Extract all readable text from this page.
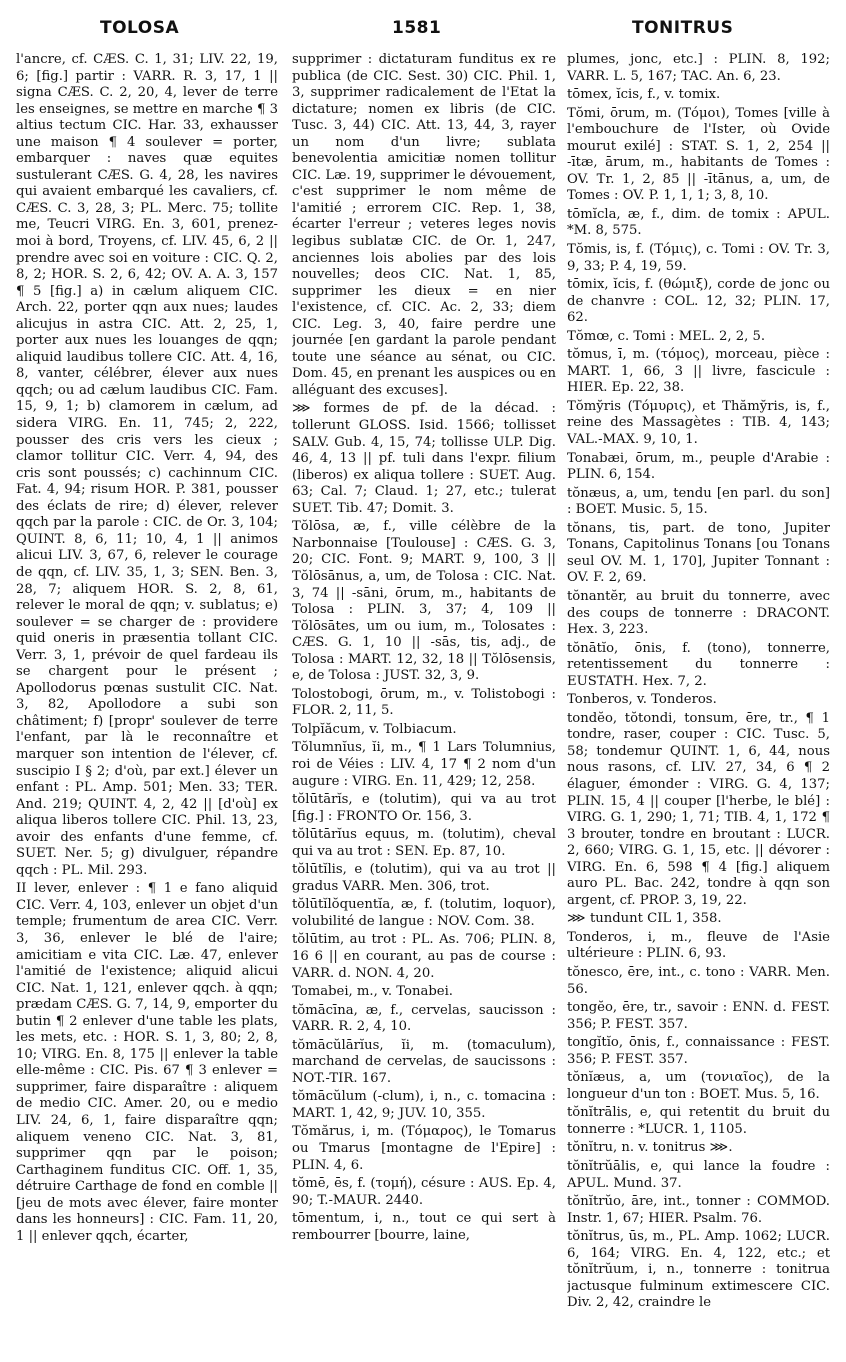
TOLOSA	1581	TONITRUS

l'ancre, cf. CÆS. C. 1, 31; LIV. 22, 19, 6; [fig.] partir : VARR. R. 3, 17, 1 || signa CÆS. C. 2, 20, 4, lever de terre les enseignes, se mettre en marche ¶ 3 altius tectum CIC. Har. 33, exhausser une maison ¶ 4 soulever = porter, embarquer : naves quæ equites sustulerant CÆS. G. 4, 28, les navires qui avaient embarqué les cavaliers, cf. CÆS. C. 3, 28, 3; PL. Merc. 75; tollite me, Teucri VIRG. En. 3, 601, prenez-moi à bord, Troyens, cf. LIV. 45, 6, 2 || prendre avec soi en voiture : CIC. Q. 2, 8, 2; HOR. S. 2, 6, 42; OV. A. A. 3, 157 ¶ 5 [fig.] a) in cælum aliquem CIC. Arch. 22, porter qqn aux nues; laudes alicujus in astra CIC. Att. 2, 25, 1, porter aux nues les louanges de qqn; aliquid laudibus tollere CIC. Att. 4, 16, 8, vanter, célébrer, élever aux nues qqch; ou ad cælum laudibus CIC. Fam. 15, 9, 1; b) clamorem in cælum, ad sidera VIRG. En. 11, 745; 2, 222, pousser des cris vers les cieux ; clamor tollitur CIC. Verr. 4, 94, des cris sont poussés; c) cachinnum CIC. Fat. 4, 94; risum HOR. P. 381, pousser des éclats de rire; d) élever, relever qqch par la parole : CIC. de Or. 3, 104; QUINT. 8, 6, 11; 10, 4, 1 || animos alicui LIV. 3, 67, 6, relever le courage de qqn, cf. LIV. 35, 1, 3; SEN. Ben. 3, 28, 7; aliquem HOR. S. 2, 8, 61, relever le moral de qqn; v. sublatus; e) soulever = se charger de : providere quid oneris in præsentia tollant CIC. Verr. 3, 1, prévoir de quel fardeau ils se chargent pour le présent ; Apollodorus pœnas sustulit CIC. Nat. 3, 82, Apollodore a subi son châtiment; f) [propr' soulever de terre l'enfant, par là le reconnaître et marquer son intention de l'élever, cf. suscipio I § 2; d'où, par ext.] élever un enfant : PL. Amp. 501; Men. 33; TER. And. 219; QUINT. 4, 2, 42 || [d'où] ex aliqua liberos tollere CIC. Phil. 13, 23, avoir des enfants d'une femme, cf. SUET. Ner. 5; g) divulguer, répandre qqch : PL. Mil. 293.

II lever, enlever : ¶ 1 e fano aliquid CIC. Verr. 4, 103, enlever un objet d'un temple; frumentum de area CIC. Verr. 3, 36, enlever le blé de l'aire; amicitiam e vita CIC. Læ. 47, enlever l'amitié de l'existence; aliquid alicui CIC. Nat. 1, 121, enlever qqch. à qqn; prædam CÆS. G. 7, 14, 9, emporter du butin ¶ 2 enlever d'une table les plats, les mets, etc. : HOR. S. 1, 3, 80; 2, 8, 10; VIRG. En. 8, 175 || enlever la table elle-même : CIC. Pis. 67 ¶ 3 enlever = supprimer, faire disparaître : aliquem de medio CIC. Amer. 20, ou e medio LIV. 24, 6, 1, faire disparaître qqn; aliquem veneno CIC. Nat. 3, 81, supprimer qqn par le poison; Carthaginem funditus CIC. Off. 1, 35, détruire Carthage de fond en comble || [jeu de mots avec élever, faire monter dans les honneurs] : CIC. Fam. 11, 20, 1 || enlever qqch, écarter,

supprimer : dictaturam funditus ex re publica (de CIC. Sest. 30) CIC. Phil. 1, 3, supprimer radicalement de l'Etat la dictature; nomen ex libris (de CIC. Tusc. 3, 44) CIC. Att. 13, 44, 3, rayer un nom d'un livre; sublata benevolentia amicitiæ nomen tollitur CIC. Læ. 19, supprimer le dévouement, c'est supprimer le nom même de l'amitié ; errorem CIC. Rep. 1, 38, écarter l'erreur ; veteres leges novis legibus sublatæ CIC. de Or. 1, 247, anciennes lois abolies par des lois nouvelles; deos CIC. Nat. 1, 85, supprimer les dieux = en nier l'existence, cf. CIC. Ac. 2, 33; diem CIC. Leg. 3, 40, faire perdre une journée [en gardant la parole pendant toute une séance au sénat, ou CIC. Dom. 45, en prenant les auspices ou en alléguant des excuses].

⋙ formes de pf. de la décad. : tollerunt GLOSS. Isid. 1566; tollisset SALV. Gub. 4, 15, 74; tollisse ULP. Dig. 46, 4, 13 || pf. tuli dans l'expr. filium (liberos) ex aliqua tollere : SUET. Aug. 63; Cal. 7; Claud. 1; 27, etc.; tulerat SUET. Tib. 47; Domit. 3.

Tŏlōsa, æ, f., ville célèbre de la Narbonnaise [Toulouse] : CÆS. G. 3, 20; CIC. Font. 9; MART. 9, 100, 3 || Tŏlōsānus, a, um, de Tolosa : CIC. Nat. 3, 74 || -sāni, ōrum, m., habitants de Tolosa : PLIN. 3, 37; 4, 109 || Tŏlōsātes, um ou ium, m., Tolosates : CÆS. G. 1, 10 || -sās, tis, adj., de Tolosa : MART. 12, 32, 18 || Tŏlōsensis, e, de Tolosa : JUST. 32, 3, 9.

Tolostobogi, ōrum, m., v. Tolistobogi : FLOR. 2, 11, 5.

Tolpĭăcum, v. Tolbiacum.

Tŏlumnĭus, ĭi, m., ¶ 1 Lars Tolumnius, roi de Véies : LIV. 4, 17 ¶ 2 nom d'un augure : VIRG. En. 11, 429; 12, 258.

tŏlūtārĭs, e (tolutim), qui va au trot [fig.] : FRONTO Or. 156, 3.

tŏlūtārĭus equus, m. (tolutim), cheval qui va au trot : SEN. Ep. 87, 10.

tŏlūtĭlis, e (tolutim), qui va au trot || gradus VARR. Men. 306, trot.

tŏlūtĭlŏquentĭa, æ, f. (tolutim, loquor), volubilité de langue : NOV. Com. 38.

tŏlūtim, au trot : PL. As. 706; PLIN. 8, 16 6 || en courant, au pas de course : VARR. d. NON. 4, 20.

Tomabei, m., v. Tonabei.

tŏmācīna, æ, f., cervelas, saucisson : VARR. R. 2, 4, 10.

tŏmācŭlārĭus, ĭi, m. (tomaculum), marchand de cervelas, de saucissons : NOT.-TIR. 167.

tŏmācŭlum (-clum), i, n., c. tomacina : MART. 1, 42, 9; JUV. 10, 355.

Tŏmărus, i, m. (Τόμαρος), le Tomarus ou Tmarus [montagne de l'Epire] : PLIN. 4, 6.

tŏmē, ēs, f. (τομή), césure : AUS. Ep. 4, 90; T.-MAUR. 2440.

tōmentum, i, n., tout ce qui sert à rembourrer [bourre, laine,

plumes, jonc, etc.] : PLIN. 8, 192; VARR. L. 5, 167; TAC. An. 6, 23.

tōmex, ĭcis, f., v. tomix.

Tŏmi, ōrum, m. (Τόμοι), Tomes [ville à l'embouchure de l'Ister, où Ovide mourut exilé] : STAT. S. 1, 2, 254 || -ītæ, ārum, m., habitants de Tomes : OV. Tr. 1, 2, 85 || -ītānus, a, um, de Tomes : OV. P. 1, 1, 1; 3, 8, 10.

tōmĭcla, æ, f., dim. de tomix : APUL. *M. 8, 575.

Tŏmis, is, f. (Τόμις), c. Tomi : OV. Tr. 3, 9, 33; P. 4, 19, 59.

tōmix, ĭcis, f. (θώμιξ), corde de jonc ou de chanvre : COL. 12, 32; PLIN. 17, 62.

Tŏmœ, c. Tomi : MEL. 2, 2, 5.

tŏmus, ī, m. (τόμος), morceau, pièce : MART. 1, 66, 3 || livre, fascicule : HIER. Ep. 22, 38.

Tŏmy̆ris (Τόμυρις), et Thămy̆ris, is, f., reine des Massagètes : TIB. 4, 143; VAL.-MAX. 9, 10, 1.

Tonabæi, ōrum, m., peuple d'Arabie : PLIN. 6, 154.

tŏnæus, a, um, tendu [en parl. du son] : BOET. Music. 5, 15.

tŏnans, tis, part. de tono, Jupiter Tonans, Capitolinus Tonans [ou Tonans seul OV. M. 1, 170], Jupiter Tonnant : OV. F. 2, 69.

tŏnantĕr, au bruit du tonnerre, avec des coups de tonnerre : DRACONT. Hex. 3, 223.

tŏnātĭo, ōnis, f. (tono), tonnerre, retentissement du tonnerre : EUSTATH. Hex. 7, 2.

Tonberos, v. Tonderos.

tondĕo, tŏtondi, tonsum, ēre, tr., ¶ 1 tondre, raser, couper : CIC. Tusc. 5, 58; tondemur QUINT. 1, 6, 44, nous nous rasons, cf. LIV. 27, 34, 6 ¶ 2 élaguer, émonder : VIRG. G. 4, 137; PLIN. 15, 4 || couper [l'herbe, le blé] : VIRG. G. 1, 290; 1, 71; TIB. 4, 1, 172 ¶ 3 brouter, tondre en broutant : LUCR. 2, 660; VIRG. G. 1, 15, etc. || dévorer : VIRG. En. 6, 598 ¶ 4 [fig.] aliquem auro PL. Bac. 242, tondre à qqn son argent, cf. PROP. 3, 19, 22.

⋙ tundunt CIL 1, 358.

Tonderos, i, m., fleuve de l'Asie ultérieure : PLIN. 6, 93.

tŏnesco, ēre, int., c. tono : VARR. Men. 56.

tongĕo, ēre, tr., savoir : ENN. d. FEST. 356; P. FEST. 357.

tongĭtĭo, ōnis, f., connaissance : FEST. 356; P. FEST. 357.

tŏnĭæus, a, um (τονιαῖος), de la longueur d'un ton : BOET. Mus. 5, 16.

tŏnĭtrālis, e, qui retentit du bruit du tonnerre : *LUCR. 1, 1105.

tŏnĭtru, n. v. tonitrus ⋙.

tŏnĭtrŭālis, e, qui lance la foudre : APUL. Mund. 37.

tŏnĭtrŭo, āre, int., tonner : COMMOD. Instr. 1, 67; HIER. Psalm. 76.

tŏnĭtrus, ūs, m., PL. Amp. 1062; LUCR. 6, 164; VIRG. En. 4, 122, etc.; et tŏnĭtrŭum, i, n., tonnerre : tonitrua jactusque fulminum extimescere CIC. Div. 2, 42, craindre le
